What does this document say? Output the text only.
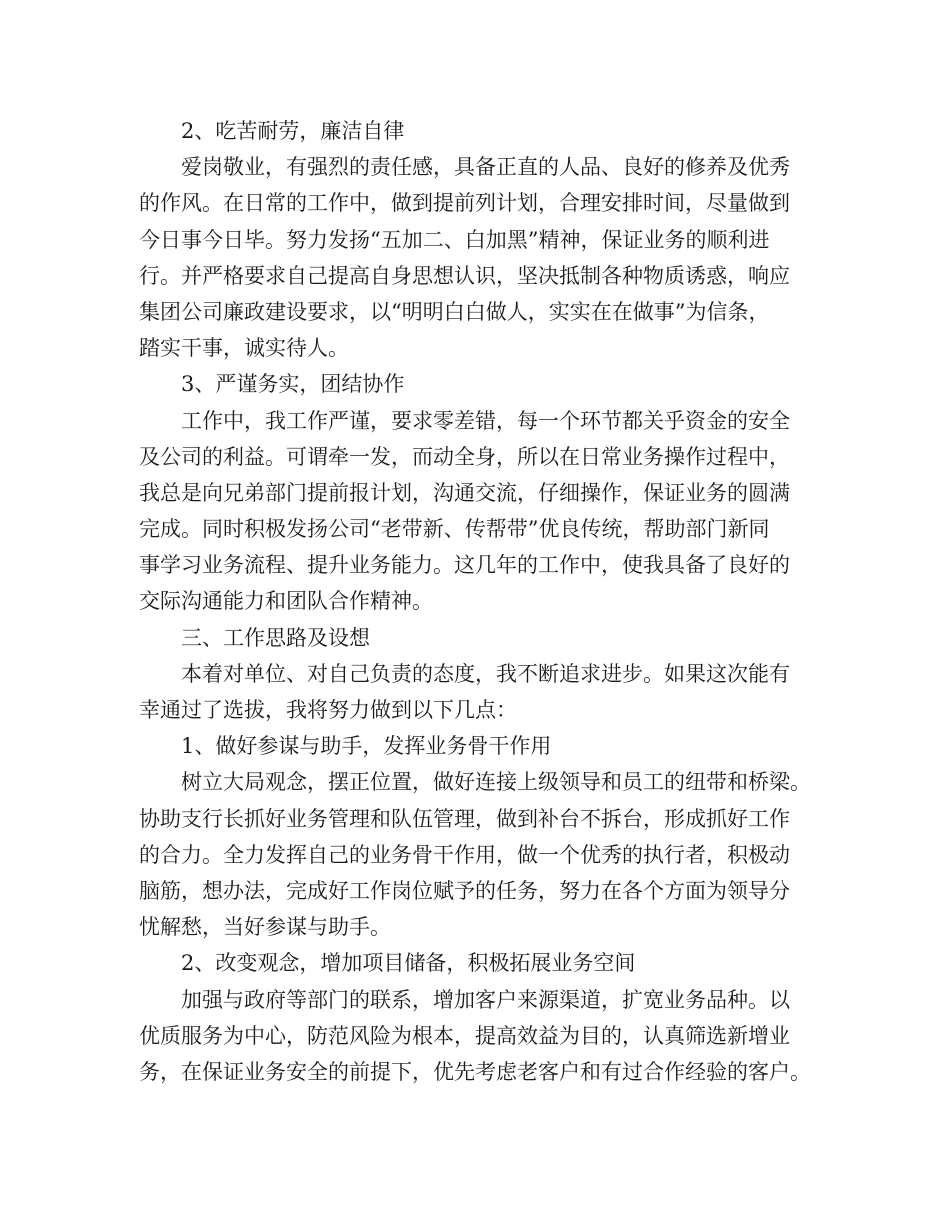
2、吃苦耐劳，廉洁自律
爱岗敬业，有强烈的责任感，具备正直的人品、良好的修养及优秀
的作风。在日常的工作中，做到提前列计划，合理安排时间，尽量做到
今日事今日毕。努力发扬“五加二、白加黑”精神，保证业务的顺利进
行。并严格要求自己提高自身思想认识，坚决抵制各种物质诱惑，响应
集团公司廉政建设要求，以“明明白白做人，实实在在做事”为信条，
踏实干事，诚实待人。
3、严谨务实，团结协作
工作中，我工作严谨，要求零差错，每一个环节都关乎资金的安全
及公司的利益。可谓牵一发，而动全身，所以在日常业务操作过程中，
我总是向兄弟部门提前报计划，沟通交流，仔细操作，保证业务的圆满
完成。同时积极发扬公司“老带新、传帮带”优良传统，帮助部门新同
事学习业务流程、提升业务能力。这几年的工作中，使我具备了良好的
交际沟通能力和团队合作精神。
三、工作思路及设想
本着对单位、对自己负责的态度，我不断追求进步。如果这次能有
幸通过了选拔，我将努力做到以下几点：
1、做好参谋与助手，发挥业务骨干作用
树立大局观念，摆正位置，做好连接上级领导和员工的纽带和桥梁。
协助支行长抓好业务管理和队伍管理，做到补台不拆台，形成抓好工作
的合力。全力发挥自己的业务骨干作用，做一个优秀的执行者，积极动
脑筋，想办法，完成好工作岗位赋予的任务，努力在各个方面为领导分
忧解愁，当好参谋与助手。
2、改变观念，增加项目储备，积极拓展业务空间
加强与政府等部门的联系，增加客户来源渠道，扩宽业务品种。以
优质服务为中心，防范风险为根本，提高效益为目的，认真筛选新增业
务，在保证业务安全的前提下，优先考虑老客户和有过合作经验的客户。
